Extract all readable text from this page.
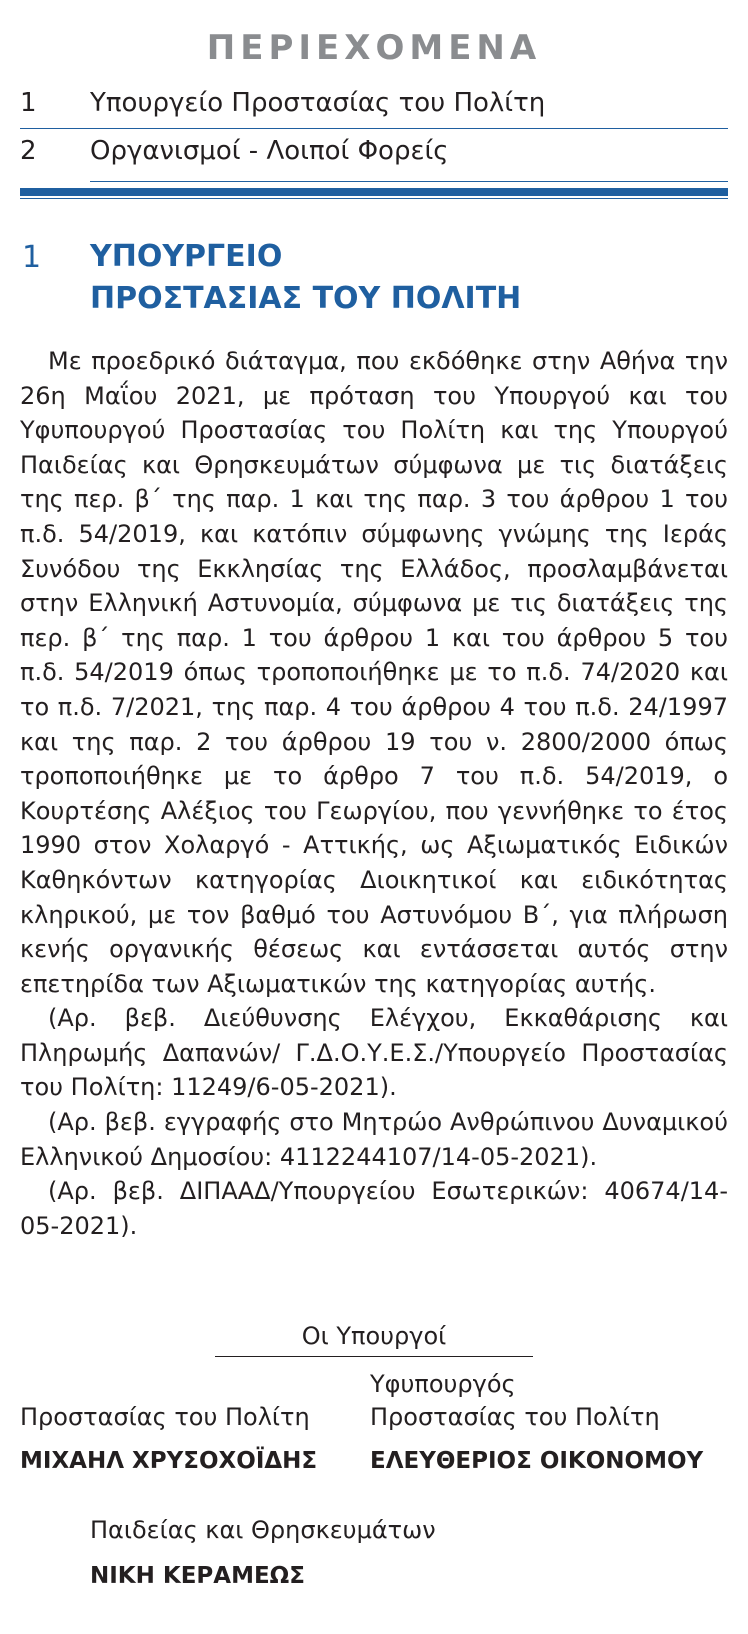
ΠΕΡΙΕΧΟΜΕΝΑ
1 Υπουργείο Προστασίας του Πολίτη
2 Οργανισμοί - Λοιποί Φορείς
1 ΥΠΟΥΡΓΕΙΟ
ΠΡΟΣΤΑΣΙΑΣ ΤΟΥ ΠΟΛΙΤΗ

Με προεδρικό διάταγμα, που εκδόθηκε στην Αθήνα την 26η Μαΐου 2021, με πρόταση του Υπουργού και του Υφυπουργού Προστασίας του Πολίτη και της Υπουργού Παιδείας και Θρησκευμάτων σύμφωνα με τις διατάξεις της περ. β΄ της παρ. 1 και της παρ. 3 του άρθρου 1 του π.δ. 54/2019, και κατόπιν σύμφωνης γνώμης της Ιεράς Συνόδου της Εκκλησίας της Ελλάδος, προσλαμβάνεται στην Ελληνική Αστυνομία, σύμφωνα με τις διατάξεις της περ. β΄ της παρ. 1 του άρθρου 1 και του άρθρου 5 του π.δ. 54/2019 όπως τροποποιήθηκε με το π.δ. 74/2020 και το π.δ. 7/2021, της παρ. 4 του άρθρου 4 του π.δ. 24/1997 και της παρ. 2 του άρθρου 19 του ν. 2800/2000 όπως τροποποιήθηκε με το άρθρο 7 του π.δ. 54/2019, ο Κουρτέσης Αλέξιος του Γεωργίου, που γεννήθηκε το έτος 1990 στον Χολαργό - Αττικής, ως Αξιωματικός Ειδικών Καθηκόντων κατηγορίας Διοικητικοί και ειδικότητας κληρικού, με τον βαθμό του Αστυνόμου Β΄, για πλήρωση κενής οργανικής θέσεως και εντάσσεται αυτός στην επετηρίδα των Αξιωματικών της κατηγορίας αυτής.

(Αρ. βεβ. Διεύθυνσης Ελέγχου, Εκκαθάρισης και Πληρωμής Δαπανών/ Γ.Δ.Ο.Υ.Ε.Σ./Υπουργείο Προστασίας του Πολίτη: 11249/6-05-2021).

(Αρ. βεβ. εγγραφής στο Μητρώο Ανθρώπινου Δυναμικού Ελληνικού Δημοσίου: 4112244107/14-05-2021).

(Αρ. βεβ. ΔΙΠΑΑΔ/Υπουργείου Εσωτερικών: 40674/14-05-2021).

Οι Υπουργοί
Υφυπουργός
Προστασίας του Πολίτη	Προστασίας του Πολίτη
ΜΙΧΑΗΛ ΧΡΥΣΟΧΟΪΔΗΣ ΕΛΕΥΘΕΡΙΟΣ ΟΙΚΟΝΟΜΟΥ
Παιδείας και Θρησκευμάτων
ΝΙΚΗ ΚΕΡΑΜΕΩΣ
